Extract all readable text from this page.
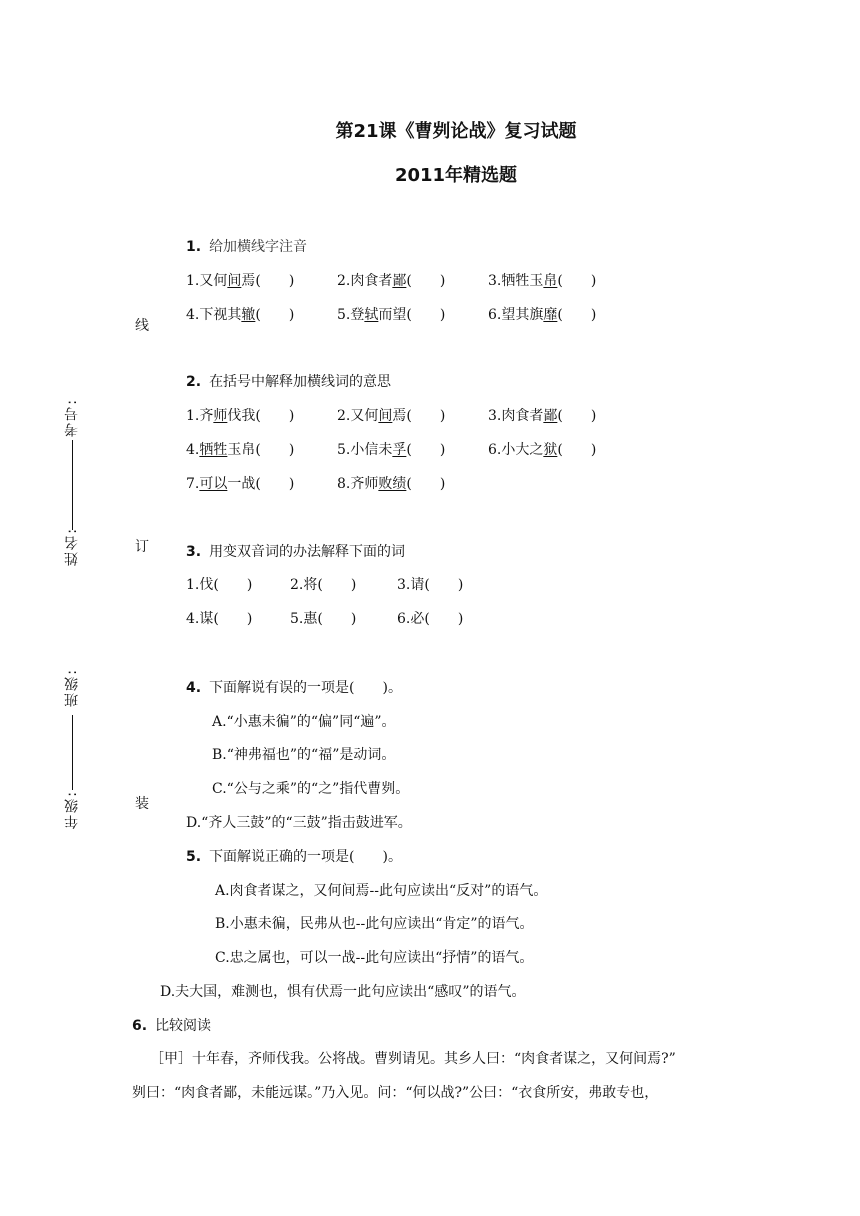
第21课《曹刿论战》复习试题
2011年精选题
线
订
装
考号:
姓名:
班级:
年级:
1. 给加横线字注音
1.又何间焉(　　)	2.肉食者鄙(　　)	3.牺牲玉帛(　　)
4.下视其辙(　　)	5.登轼而望(　　)	6.望其旗靡(　　)
2. 在括号中解释加横线词的意思
1.齐师伐我(　　)	2.又何间焉(　　)	3.肉食者鄙(　　)
4.牺牲玉帛(　　)	5.小信未孚(　　)	6.小大之狱(　　)
7.可以一战(　　)	8.齐师败绩(　　)
3. 用变双音词的办法解释下面的词
1.伐(　　)	2.将(　　)	3.请(　　)
4.谋(　　)	5.惠(　　)	6.必(　　)
4. 下面解说有误的一项是(　　)。
A.“小惠未徧”的“偏”同“遍”。
B.“神弗福也”的“福”是动词。
C.“公与之乘”的“之”指代曹刿。
D.“齐人三鼓”的“三鼓”指击鼓进军。
5. 下面解说正确的一项是(　　)。
A.肉食者谋之，又何间焉--此句应读出“反对”的语气。
B.小惠未徧，民弗从也--此句应读出“肯定”的语气。
C.忠之属也，可以一战--此句应读出“抒情”的语气。
D.夫大国，难测也，惧有伏焉一此句应读出“感叹”的语气。
6. 比较阅读
［甲］十年春，齐师伐我。公将战。曹刿请见。其乡人曰：“肉食者谋之，又何间焉?”
刿曰：“肉食者鄙，未能远谋。”乃入见。问：“何以战?”公曰：“衣食所安，弗敢专也，
